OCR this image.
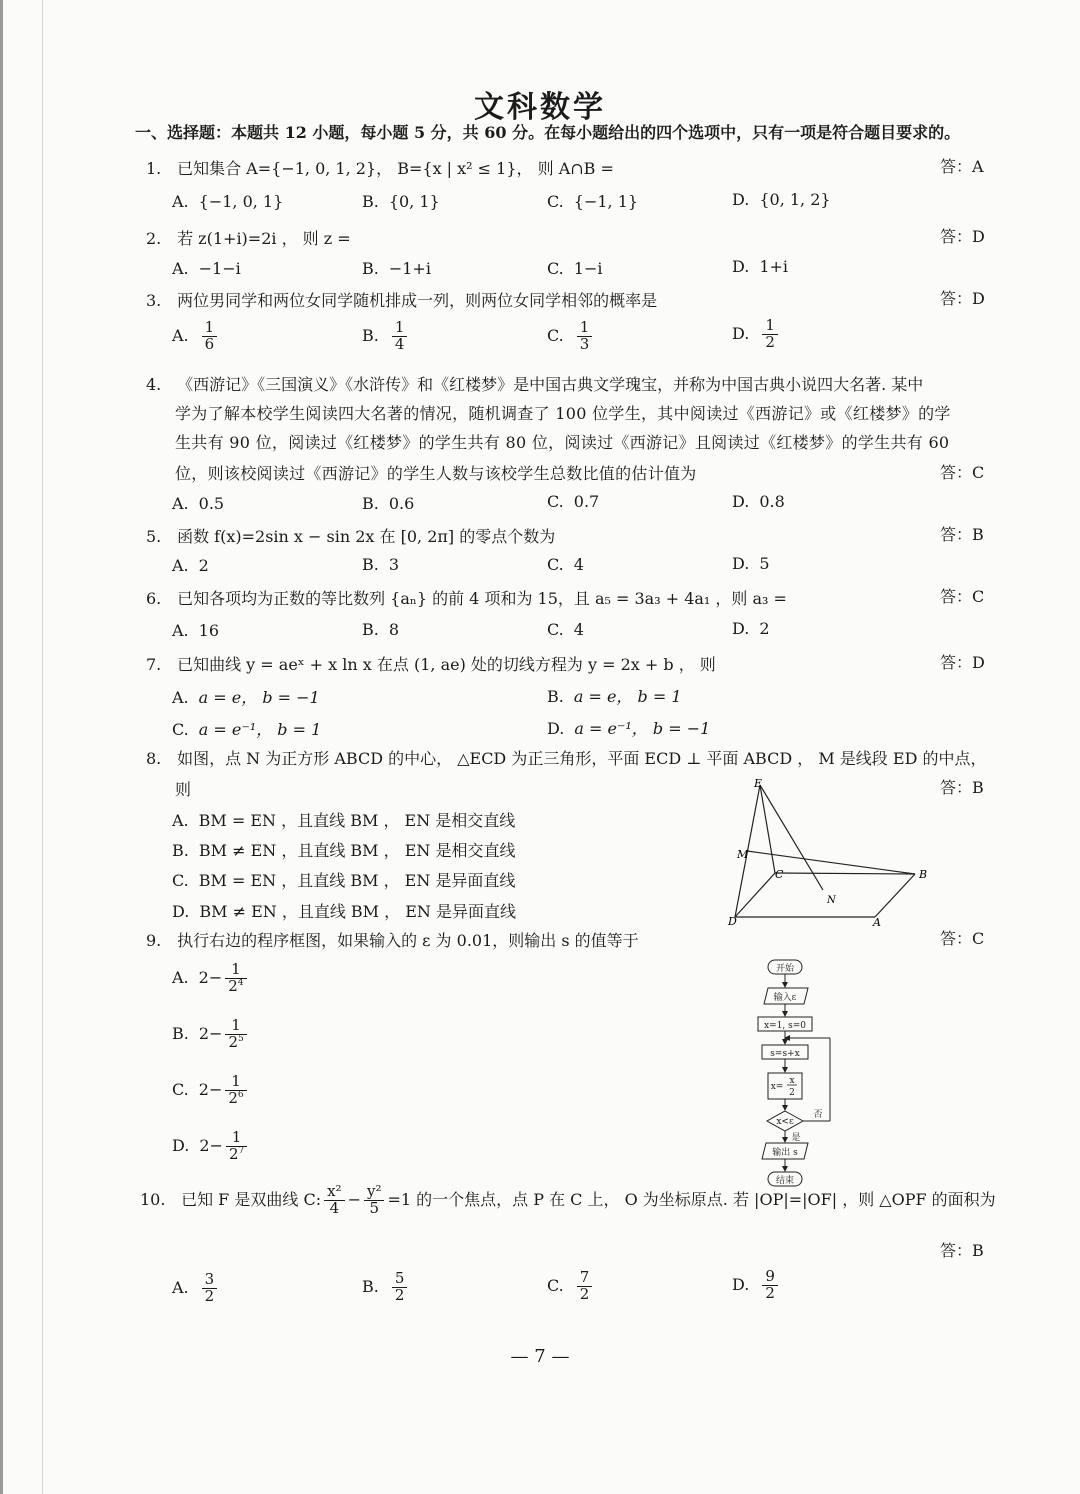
文科数学
一、选择题：本题共 12 小题，每小题 5 分，共 60 分。在每小题给出的四个选项中，只有一项是符合题目要求的。
1. 已知集合 A={−1, 0, 1, 2}， B={x | x² ≤ 1}， 则 A∩B =	答：A
A. {−1, 0, 1}	B. {0, 1}	C. {−1, 1}	D. {0, 1, 2}
2. 若 z(1+i)=2i ， 则 z =	答：D
A. −1−i	B. −1+i	C. 1−i	D. 1+i
3. 两位男同学和两位女同学随机排成一列，则两位女同学相邻的概率是	答：D
A. $\frac{1}{6}$	B. $\frac{1}{4}$	C. $\frac{1}{3}$	D. $\frac{1}{2}$
4. 《西游记》《三国演义》《水浒传》和《红楼梦》是中国古典文学瑰宝，并称为中国古典小说四大名著. 某中
学为了解本校学生阅读四大名著的情况，随机调查了 100 位学生，其中阅读过《西游记》或《红楼梦》的学
生共有 90 位，阅读过《红楼梦》的学生共有 80 位，阅读过《西游记》且阅读过《红楼梦》的学生共有 60
位，则该校阅读过《西游记》的学生人数与该校学生总数比值的估计值为	答：C
A. 0.5	B. 0.6	C. 0.7	D. 0.8
5. 函数 f(x)=2sin x − sin 2x 在 [0, 2π] 的零点个数为	答：B
A. 2	B. 3	C. 4	D. 5
6. 已知各项均为正数的等比数列 {aₙ} 的前 4 项和为 15，且 a₅ = 3a₃ + 4a₁ ，则 a₃ =	答：C
A. 16	B. 8	C. 4	D. 2
7. 已知曲线 y = aeˣ + x ln x 在点 (1, ae) 处的切线方程为 y = 2x + b ， 则	答：D
A. a = e， b = −1	B. a = e， b = 1
C. a = e⁻¹， b = 1	D. a = e⁻¹， b = −1
8. 如图，点 N 为正方形 ABCD 的中心， △ECD 为正三角形，平面 ECD ⊥ 平面 ABCD ， M 是线段 ED 的中点，
则	答：B
A. BM = EN ，且直线 BM ， EN 是相交直线
B. BM ≠ EN ，且直线 BM ， EN 是相交直线
C. BM = EN ，且直线 BM ， EN 是异面直线
D. BM ≠ EN ，且直线 BM ， EN 是异面直线
E
M
C
N
B
D	A
9. 执行右边的程序框图，如果输入的 ε 为 0.01，则输出 s 的值等于	答：C
A. $2- \frac{1}{2^4}$
B. $2- \frac{1}{2^5}$
C. $2- \frac{1}{2^6}$
D. $2- \frac{1}{2^7}$
开始
输入ε
x=1, s=0
s=s+x
x=
x
2
x<ε
否
是
输出 s
结束
10. 已知 F 是双曲线 C: $\frac{\text{x²}}{4} - \frac{\text{y²}}{5} =1$ 的一个焦点，点 P 在 C 上， O 为坐标原点. 若 |OP|=|OF| ，则 △OPF 的面积为
答：B
A. $\frac{3}{2}$	B. $\frac{5}{2}$	C. $\frac{7}{2}$	D. $\frac{9}{2}$
— 7 —
